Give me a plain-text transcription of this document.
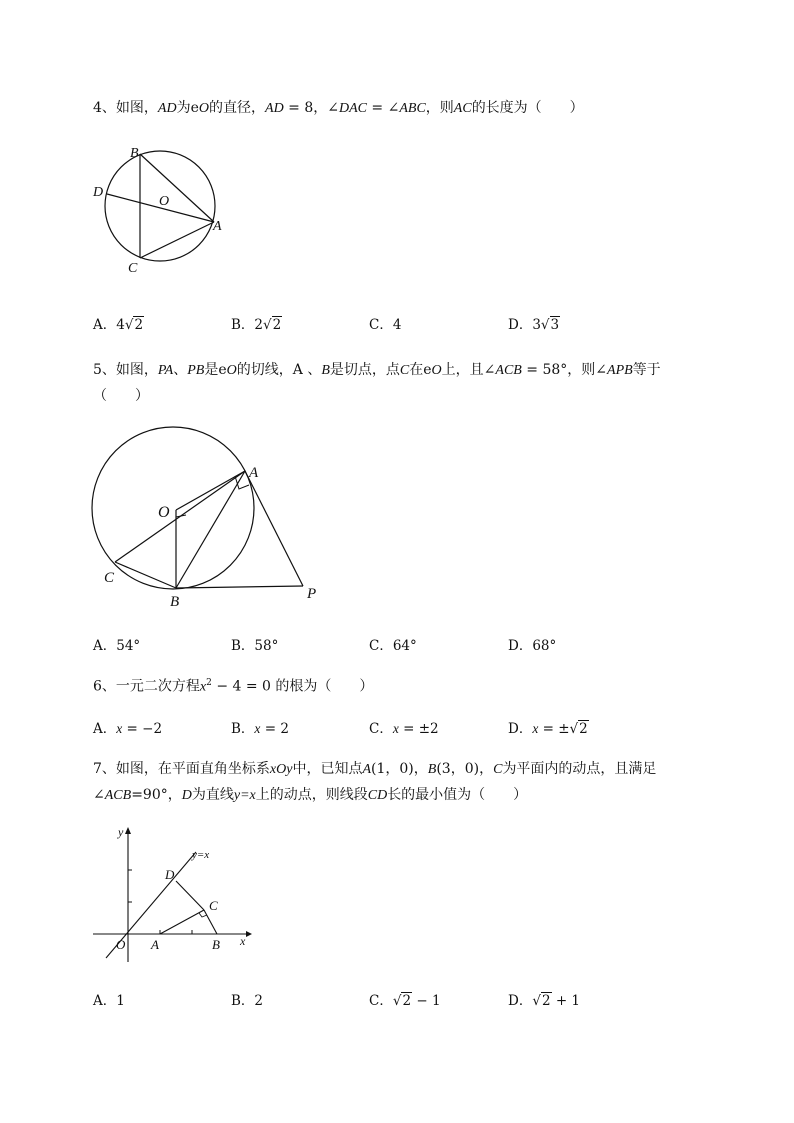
4、如图，AD为eO的直径，AD = 8，∠DAC = ∠ABC，则AC的长度为（　　）
B
D
O
A
C
A．4√2	B．2√2	C．4	D．3√3
5、如图，PA、PB是eO的切线，A 、B是切点，点C在eO上，且∠ACB = 58°，则∠APB等于
（　　）
A
O
C
B	P
A．54°	B．58°	C．64°	D．68°
6、一元二次方程$x^2 - 4 = 0$ 的根为（　　）
A．x = −2	B．x = 2	C．x = ±2	D．x = ±√2
7、如图，在平面直角坐标系xOy中，已知点A(1，0)，B(3，0)，C为平面内的动点，且满足
∠ACB=90°，D为直线y=x上的动点，则线段CD长的最小值为（　　）
y
y=x
D
C
O A	B x
A．1	B．2	C．√2 − 1	D．√2 + 1
